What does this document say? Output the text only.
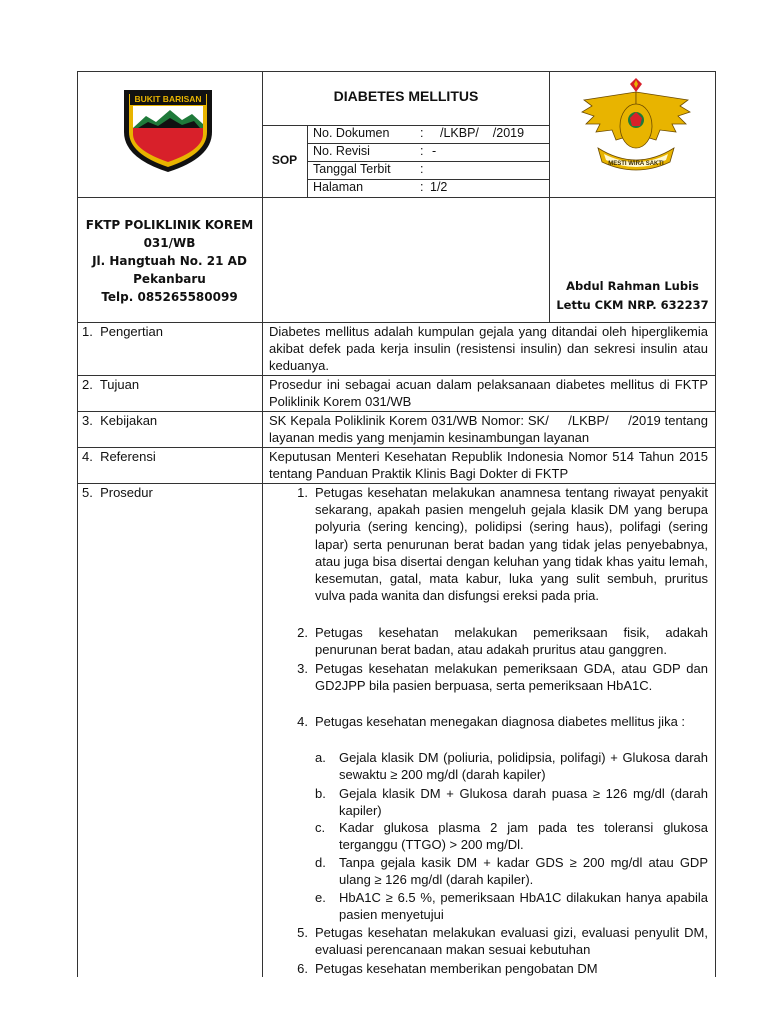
BUKIT BARISAN	DIABETES MELLITUS
SOP
No. Dokumen : /LKBP/    /2019
No. Revisi	: -
Tanggal Terbit :
Halaman	: 1/2
MESTI WIRA SAKTI
FKTP POLIKLINIK KOREM
031/WB
Jl. Hangtuah No. 21 AD
Pekanbaru
Telp. 085265580099
Abdul Rahman Lubis
Lettu CKM NRP. 632237
1.  Pengertian	Diabetes mellitus adalah kumpulan gejala yang ditandai oleh hiperglikemia akibat defek pada kerja insulin (resistensi insulin) dan sekresi insulin atau keduanya.
2.  Tujuan	Prosedur ini sebagai acuan dalam pelaksanaan diabetes mellitus di FKTP Poliklinik Korem 031/WB
3.  Kebijakan	SK Kepala Poliklinik Korem 031/WB Nomor: SK/     /LKBP/     /2019 tentang layanan medis yang menjamin kesinambungan layanan
4.  Referensi	Keputusan Menteri Kesehatan Republik Indonesia Nomor 514 Tahun 2015 tentang Panduan Praktik Klinis Bagi Dokter di FKTP
5.  Prosedur	1. Petugas kesehatan melakukan anamnesa tentang riwayat penyakit sekarang, apakah pasien mengeluh gejala klasik DM yang berupa polyuria (sering kencing), polidipsi (sering haus), polifagi (sering lapar) serta penurunan berat badan yang tidak jelas penyebabnya, atau juga bisa disertai dengan keluhan yang tidak khas yaitu lemah, kesemutan, gatal, mata kabur, luka yang sulit sembuh, pruritus vulva pada wanita dan disfungsi ereksi pada pria.
2. Petugas kesehatan melakukan pemeriksaan fisik, adakah penurunan berat badan, atau adakah pruritus atau ganggren.
3. Petugas kesehatan melakukan pemeriksaan GDA, atau GDP dan GD2JPP bila pasien berpuasa, serta pemeriksaan HbA1C.
4. Petugas kesehatan menegakan diagnosa diabetes mellitus jika :
a.	Gejala klasik DM (poliuria, polidipsia, polifagi) + Glukosa darah sewaktu ≥ 200 mg/dl (darah kapiler)
b.	Gejala klasik DM + Glukosa darah puasa ≥ 126 mg/dl (darah kapiler)
c.	Kadar glukosa plasma 2 jam pada tes toleransi glukosa terganggu (TTGO) > 200 mg/Dl.
d.	Tanpa gejala kasik DM + kadar GDS ≥ 200 mg/dl atau GDP ulang ≥ 126 mg/dl (darah kapiler).
e.	HbA1C ≥ 6.5 %, pemeriksaan HbA1C dilakukan hanya apabila pasien menyetujui
5. Petugas kesehatan melakukan evaluasi gizi, evaluasi penyulit DM, evaluasi perencanaan makan sesuai kebutuhan
6. Petugas kesehatan memberikan pengobatan DM
